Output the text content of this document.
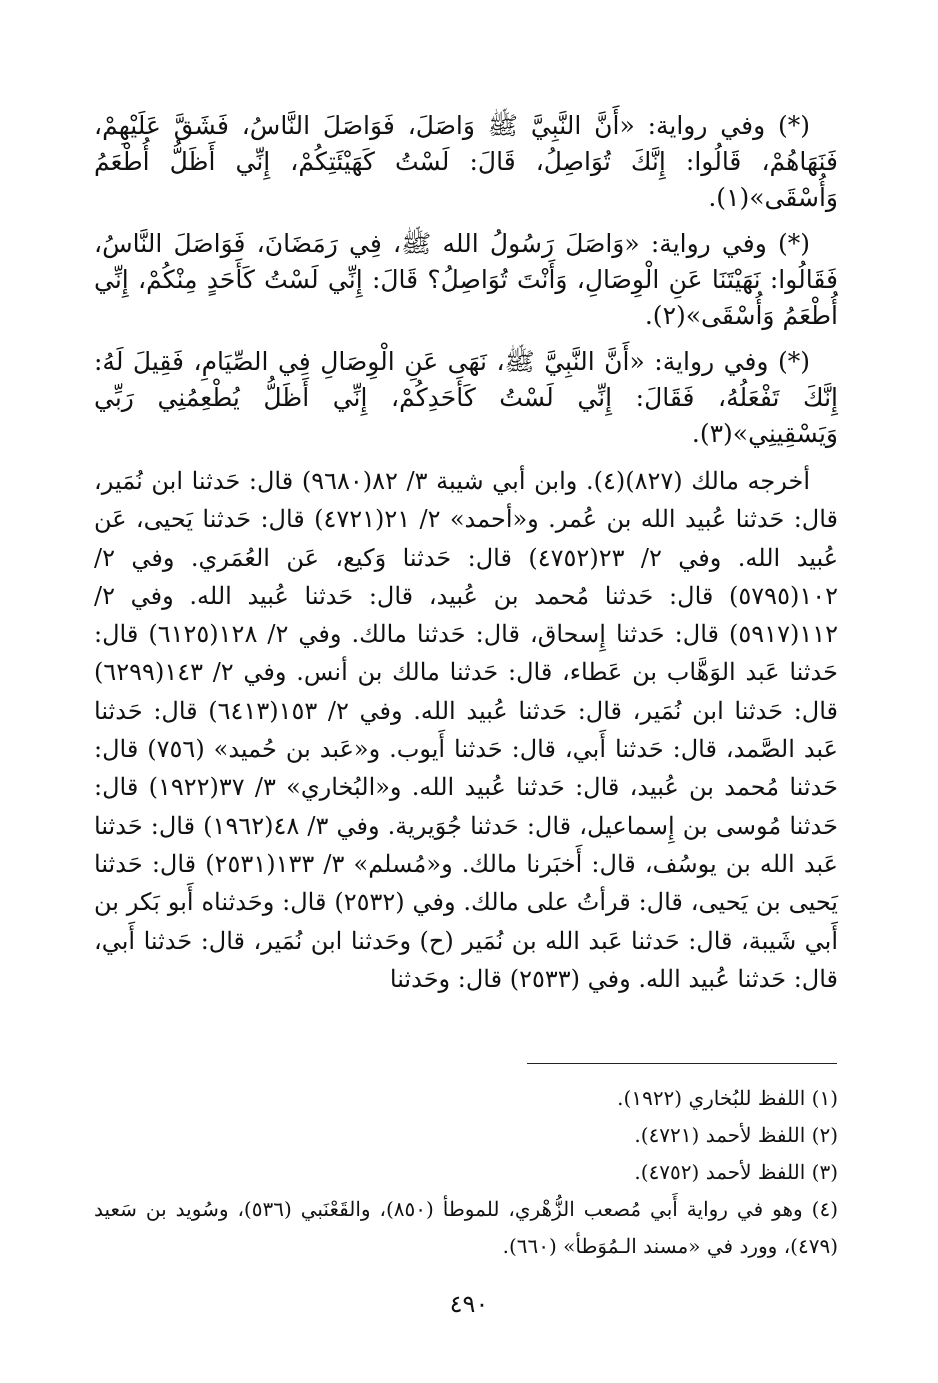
(*) وفي رواية: «أَنَّ النَّبِيَّ ﷺ وَاصَلَ، فَوَاصَلَ النَّاسُ، فَشَقَّ عَلَيْهِمْ، فَنَهَاهُمْ، قَالُوا: إِنَّكَ تُوَاصِلُ، قَالَ: لَسْتُ كَهَيْئَتِكُمْ، إِنِّي أَظَلُّ أُطْعَمُ وَأُسْقَى»(١).

(*) وفي رواية: «وَاصَلَ رَسُولُ الله ﷺ، فِي رَمَضَانَ، فَوَاصَلَ النَّاسُ، فَقَالُوا: نَهَيْتَنَا عَنِ الْوِصَالِ، وَأَنْتَ تُوَاصِلُ؟ قَالَ: إِنِّي لَسْتُ كَأَحَدٍ مِنْكُمْ، إِنِّي أُطْعَمُ وَأُسْقَى»(٢).

(*) وفي رواية: «أَنَّ النَّبِيَّ ﷺ، نَهَى عَنِ الْوِصَالِ فِي الصِّيَامِ، فَقِيلَ لَهُ: إِنَّكَ تَفْعَلُهُ، فَقَالَ: إِنِّي لَسْتُ كَأَحَدِكُمْ، إِنِّي أَظَلُّ يُطْعِمُنِي رَبِّي وَيَسْقِينِي»(٣).

أخرجه مالك (٨٢٧)(٤). وابن أبي شيبة ٣/ ٨٢(٩٦٨٠) قال: حَدثنا ابن نُمَير، قال: حَدثنا عُبيد الله بن عُمر. و«أحمد» ٢/ ٢١(٤٧٢١) قال: حَدثنا يَحيى، عَن عُبيد الله. وفي ٢/ ٢٣(٤٧٥٢) قال: حَدثنا وَكيع، عَن العُمَري. وفي ٢/ ١٠٢(٥٧٩٥) قال: حَدثنا مُحمد بن عُبيد، قال: حَدثنا عُبيد الله. وفي ٢/ ١١٢(٥٩١٧) قال: حَدثنا إِسحاق، قال: حَدثنا مالك. وفي ٢/ ١٢٨(٦١٢٥) قال: حَدثنا عَبد الوَهَّاب بن عَطاء، قال: حَدثنا مالك بن أنس. وفي ٢/ ١٤٣(٦٢٩٩) قال: حَدثنا ابن نُمَير، قال: حَدثنا عُبيد الله. وفي ٢/ ١٥٣(٦٤١٣) قال: حَدثنا عَبد الصَّمد، قال: حَدثنا أَبي، قال: حَدثنا أَيوب. و«عَبد بن حُميد» (٧٥٦) قال: حَدثنا مُحمد بن عُبيد، قال: حَدثنا عُبيد الله. و«البُخاري» ٣/ ٣٧(١٩٢٢) قال: حَدثنا مُوسى بن إِسماعيل، قال: حَدثنا جُوَيرية. وفي ٣/ ٤٨(١٩٦٢) قال: حَدثنا عَبد الله بن يوسُف، قال: أَخبَرنا مالك. و«مُسلم» ٣/ ١٣٣(٢٥٣١) قال: حَدثنا يَحيى بن يَحيى، قال: قرأتُ على مالك. وفي (٢٥٣٢) قال: وحَدثناه أَبو بَكر بن أَبي شَيبة، قال: حَدثنا عَبد الله بن نُمَير (ح) وحَدثنا ابن نُمَير، قال: حَدثنا أَبي، قال: حَدثنا عُبيد الله. وفي (٢٥٣٣) قال: وحَدثنا

(١) اللفظ للبُخاري (١٩٢٢).

(٢) اللفظ لأحمد (٤٧٢١).

(٣) اللفظ لأحمد (٤٧٥٢).

(٤) وهو في رواية أَبي مُصعب الزُّهْري، للموطأ (٨٥٠)، والقَعْنَبي (٥٣٦)، وسُويد بن سَعيد (٤٧٩)، وورد في «مسند الـمُوَطأ» (٦٦٠).

٤٩٠
